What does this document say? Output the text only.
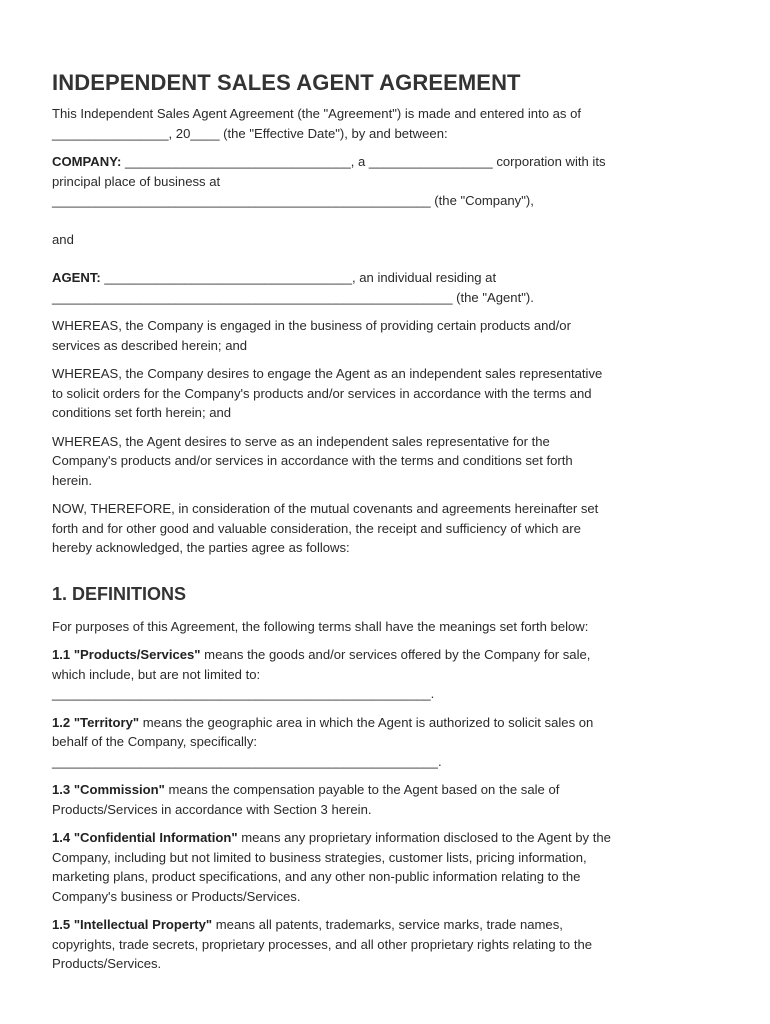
INDEPENDENT SALES AGENT AGREEMENT

This Independent Sales Agent Agreement (the "Agreement") is made and entered into as of
________________, 20____ (the "Effective Date"), by and between:

COMPANY: _______________________________, a _________________ corporation with its
principal place of business at
____________________________________________________ (the "Company"),

and

AGENT: __________________________________, an individual residing at
_______________________________________________________ (the "Agent").

WHEREAS, the Company is engaged in the business of providing certain products and/or
services as described herein; and

WHEREAS, the Company desires to engage the Agent as an independent sales representative
to solicit orders for the Company's products and/or services in accordance with the terms and
conditions set forth herein; and

WHEREAS, the Agent desires to serve as an independent sales representative for the
Company's products and/or services in accordance with the terms and conditions set forth
herein.

NOW, THEREFORE, in consideration of the mutual covenants and agreements hereinafter set
forth and for other good and valuable consideration, the receipt and sufficiency of which are
hereby acknowledged, the parties agree as follows:

1. DEFINITIONS

For purposes of this Agreement, the following terms shall have the meanings set forth below:

1.1 "Products/Services" means the goods and/or services offered by the Company for sale,
which include, but are not limited to:
____________________________________________________.

1.2 "Territory" means the geographic area in which the Agent is authorized to solicit sales on
behalf of the Company, specifically:
_____________________________________________________.

1.3 "Commission" means the compensation payable to the Agent based on the sale of
Products/Services in accordance with Section 3 herein.

1.4 "Confidential Information" means any proprietary information disclosed to the Agent by the
Company, including but not limited to business strategies, customer lists, pricing information,
marketing plans, product specifications, and any other non-public information relating to the
Company's business or Products/Services.

1.5 "Intellectual Property" means all patents, trademarks, service marks, trade names,
copyrights, trade secrets, proprietary processes, and all other proprietary rights relating to the
Products/Services.
